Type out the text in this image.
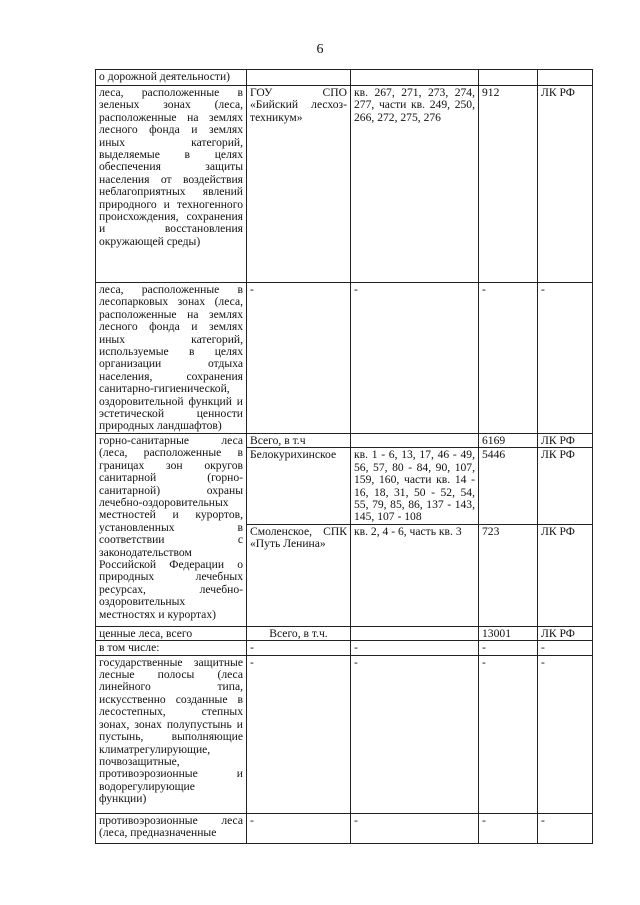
6
о дорожной деятельности)				
леса, расположенные в зеленых зонах (леса, расположенные на землях лесного фонда и землях иных категорий, выделяемые в целях обеспечения защиты населения от воздействия неблагоприятных явлений природного и техногенного происхождения, сохранения и восстановления окружающей среды)	ГОУ СПО «Бийский лесхоз-техникум»	кв. 267, 271, 273, 274, 277, части кв. 249, 250, 266, 272, 275, 276	912	ЛК РФ
леса, расположенные в лесопарковых зонах (леса, расположенные на землях лесного фонда и землях иных категорий, используемые в целях организации отдыха населения, сохранения санитарно-гигиенической, оздоровительной функций и эстетической ценности природных ландшафтов)	-	-	-	-
горно-санитарные леса (леса, расположенные в границах зон округов санитарной (горно-санитарной) охраны лечебно-оздоровительных местностей и курортов, установленных в соответствии с законодательством Российской Федерации о природных лечебных ресурсах, лечебно-оздоровительных местностях и курортах)	Всего, в т.ч		6169	ЛК РФ
	Белокурихинское	кв. 1 - 6, 13, 17, 46 - 49, 56, 57, 80 - 84, 90, 107, 159, 160, части кв. 14 - 16, 18, 31, 50 - 52, 54, 55, 79, 85, 86, 137 - 143, 145, 107 - 108	5446	ЛК РФ
	Смоленское, СПК «Путь Ленина»	кв. 2, 4 - 6, часть кв. 3	723	ЛК РФ
ценные леса, всего	Всего, в т.ч.		13001	ЛК РФ
в том числе:	-	-	-	-
государственные защитные лесные полосы (леса линейного типа, искусственно созданные в лесостепных, степных зонах, зонах полупустынь и пустынь, выполняющие климатрегулирующие, почвозащитные, противоэрозионные и водорегулирующие функции)	-	-	-	-
противоэрозионные леса (леса, предназначенные	-	-	-	-
